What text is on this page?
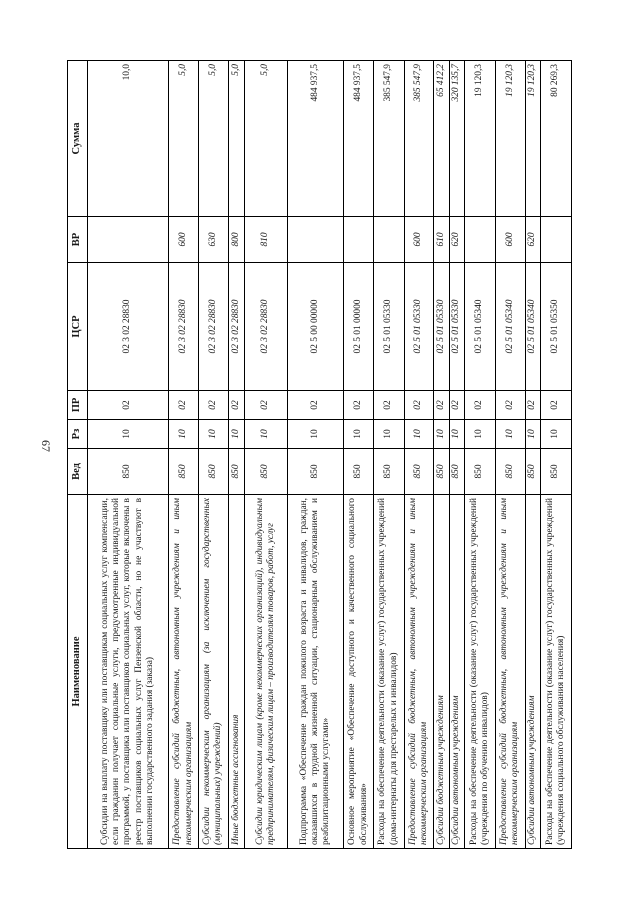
67
Наименование	Вед	Рз	ПР	ЦСР	ВР	Сумма
Субсидии на выплату поставщику или поставщикам социальных услуг компенсации, если гражданин получает социальные услуги, предусмотренные индивидуальной программой, у поставщика или поставщиков социальных услуг, которые включены в реестр поставщиков социальных услуг Пензенской области, но не участвуют в выполнении государственного задания (заказа)	850	10	02	02 3 02 28830		10,0
Предоставление субсидий бюджетным, автономным учреждениям и иным некоммерческим организациям	850	10	02	02 3 02 28830	600	5,0
Субсидии некоммерческим организациям (за исключением государственных (муниципальных) учреждений)	850	10	02	02 3 02 28830	630	5,0
Иные бюджетные ассигнования	850	10	02	02 3 02 28830	800	5,0
Субсидии юридическим лицам (кроме некоммерческих организаций), индивидуальным предпринимателям, физическим лицам – производителям товаров, работ, услуг	850	10	02	02 3 02 28830	810	5,0
Подпрограмма «Обеспечение граждан пожилого возраста и инвалидов, граждан, оказавшихся в трудной жизненной ситуации, стационарным обслуживанием и реабилитационными услугами»	850	10	02	02 5 00 00000		484 937,5
Основное мероприятие «Обеспечение доступного и качественного социального обслуживания»	850	10	02	02 5 01 00000		484 937,5
Расходы на обеспечение деятельности (оказание услуг) государственных учреждений (дома-интернаты для престарелых и инвалидов)	850	10	02	02 5 01 05330		385 547,9
Предоставление субсидий бюджетным, автономным учреждениям и иным некоммерческим организациям	850	10	02	02 5 01 05330	600	385 547,9
Субсидии бюджетным учреждениям	850	10	02	02 5 01 05330	610	65 412,2
Субсидии автономным учреждениям	850	10	02	02 5 01 05330	620	320 135,7
Расходы на обеспечение деятельности (оказание услуг) государственных учреждений (учреждения по обучению инвалидов)	850	10	02	02 5 01 05340		19 120,3
Предоставление субсидий бюджетным, автономным учреждениям и иным некоммерческим организациям	850	10	02	02 5 01 05340	600	19 120,3
Субсидии автономным учреждениям	850	10	02	02 5 01 05340	620	19 120,3
Расходы на обеспечение деятельности (оказание услуг) государственных учреждений (учреждения социального обслуживания населения)	850	10	02	02 5 01 05350		80 269,3
